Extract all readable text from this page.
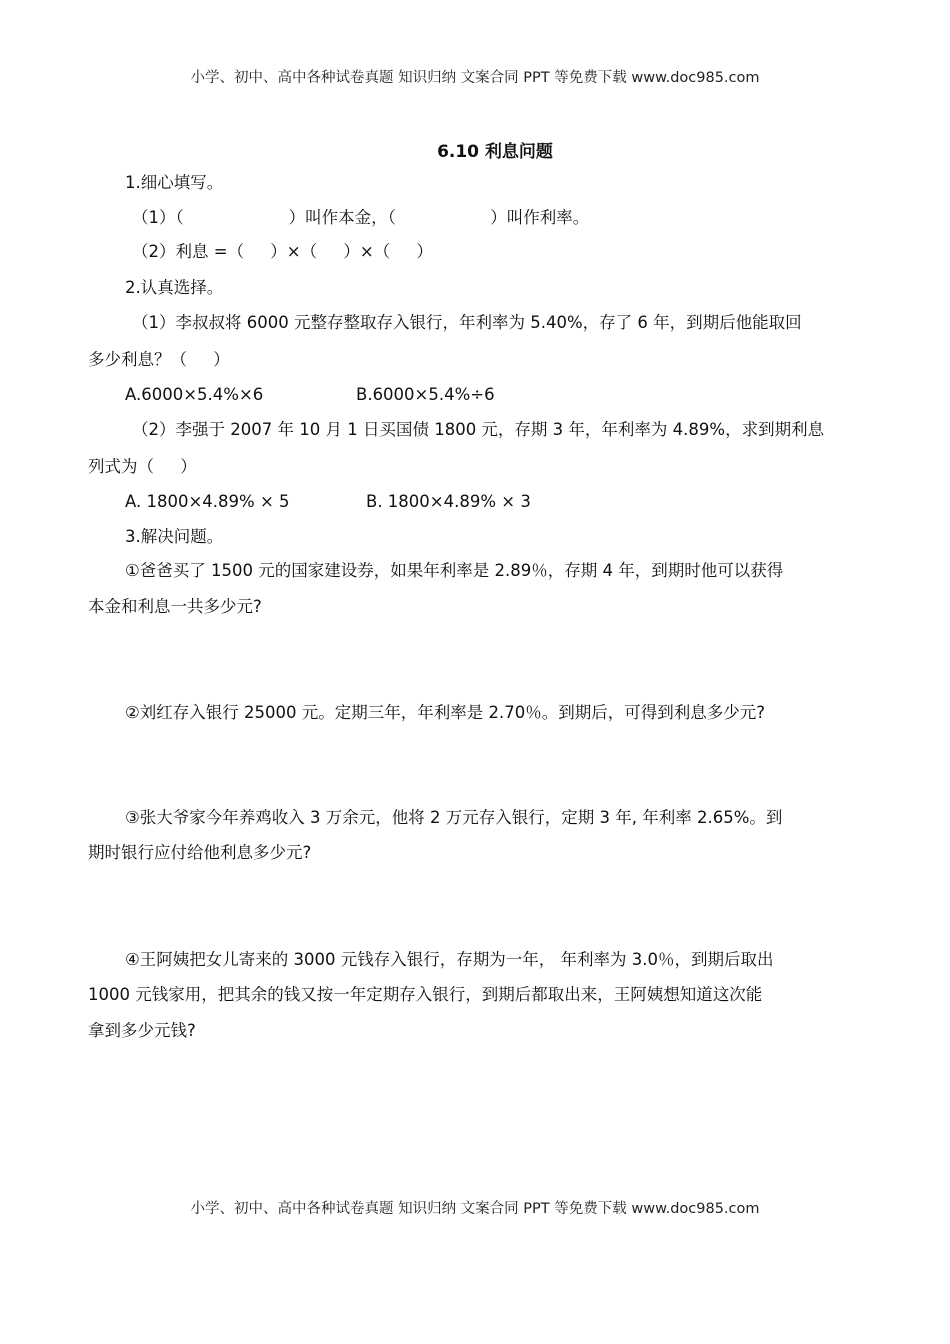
小学、初中、高中各种试卷真题 知识归纳 文案合同 PPT 等免费下载 www.doc985.com
6.10 利息问题
1.细心填写。
（1）（                    ）叫作本金，（                  ）叫作利率。
（2）利息 =（     ）×（     ）×（     ）
2.认真选择。
（1）李叔叔将 6000 元整存整取存入银行，年利率为 5.40%，存了 6 年，到期后他能取回
多少利息？（     ）
A.6000×5.4%×6	B.6000×5.4%÷6
（2）李强于 2007 年 10 月 1 日买国债 1800 元，存期 3 年，年利率为 4.89%，求到期利息
列式为（     ）
A. 1800×4.89% × 5	B. 1800×4.89% × 3
3.解决问题。
①爸爸买了 1500 元的国家建设券，如果年利率是 2.89％，存期 4 年，到期时他可以获得
本金和利息一共多少元?
②刘红存入银行 25000 元。定期三年，年利率是 2.70％。到期后，可得到利息多少元?
③张大爷家今年养鸡收入 3 万余元，他将 2 万元存入银行，定期 3 年, 年利率 2.65%。到
期时银行应付给他利息多少元?
④王阿姨把女儿寄来的 3000 元钱存入银行，存期为一年， 年利率为 3.0％，到期后取出
1000 元钱家用，把其余的钱又按一年定期存入银行，到期后都取出来，王阿姨想知道这次能
拿到多少元钱?
小学、初中、高中各种试卷真题 知识归纳 文案合同 PPT 等免费下载 www.doc985.com
